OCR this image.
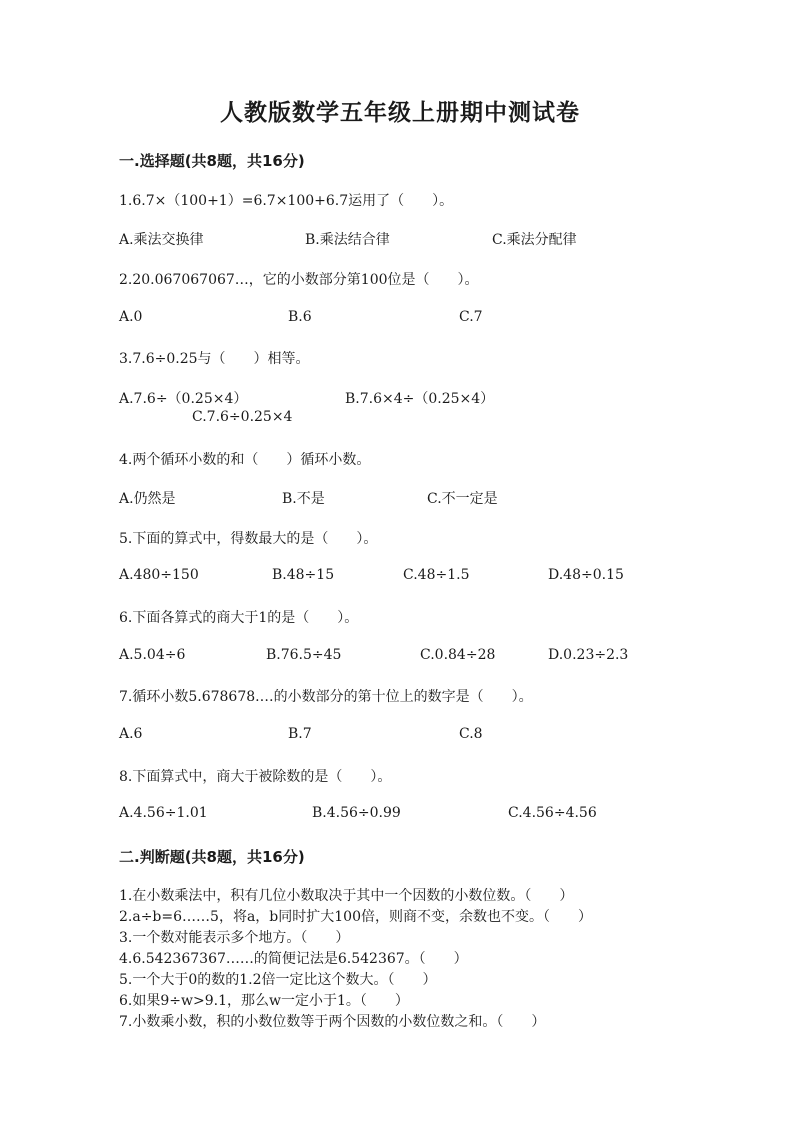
人教版数学五年级上册期中测试卷
一.选择题(共8题，共16分)
1.6.7×（100+1）=6.7×100+6.7运用了（　　）。
A.乘法交换律	B.乘法结合律	C.乘法分配律
2.20.067067067…，它的小数部分第100位是（　　）。
A.0	B.6	C.7
3.7.6÷0.25与（　　）相等。
A.7.6÷（0.25×4）	B.7.6×4÷（0.25×4）
C.7.6÷0.25×4
4.两个循环小数的和（　　）循环小数。
A.仍然是	B.不是	C.不一定是
5.下面的算式中，得数最大的是（　　）。
A.480÷150	B.48÷15	C.48÷1.5	D.48÷0.15
6.下面各算式的商大于1的是（　　）。
A.5.04÷6	B.76.5÷45	C.0.84÷28	D.0.23÷2.3
7.循环小数5.678678.…的小数部分的第十位上的数字是（　　）。
A.6	B.7	C.8
8.下面算式中，商大于被除数的是（　　）。
A.4.56÷1.01	B.4.56÷0.99	C.4.56÷4.56
二.判断题(共8题，共16分)
1.在小数乘法中，积有几位小数取决于其中一个因数的小数位数。（　　）
2.a÷b=6……5，将a，b同时扩大100倍，则商不变，余数也不变。（　　）
3.一个数对能表示多个地方。（　　）
4.6.542367367……的简便记法是6.542367。（　　）
5.一个大于0的数的1.2倍一定比这个数大。（　　）
6.如果9÷w>9.1，那么w一定小于1。（　　）
7.小数乘小数，积的小数位数等于两个因数的小数位数之和。（　　）
